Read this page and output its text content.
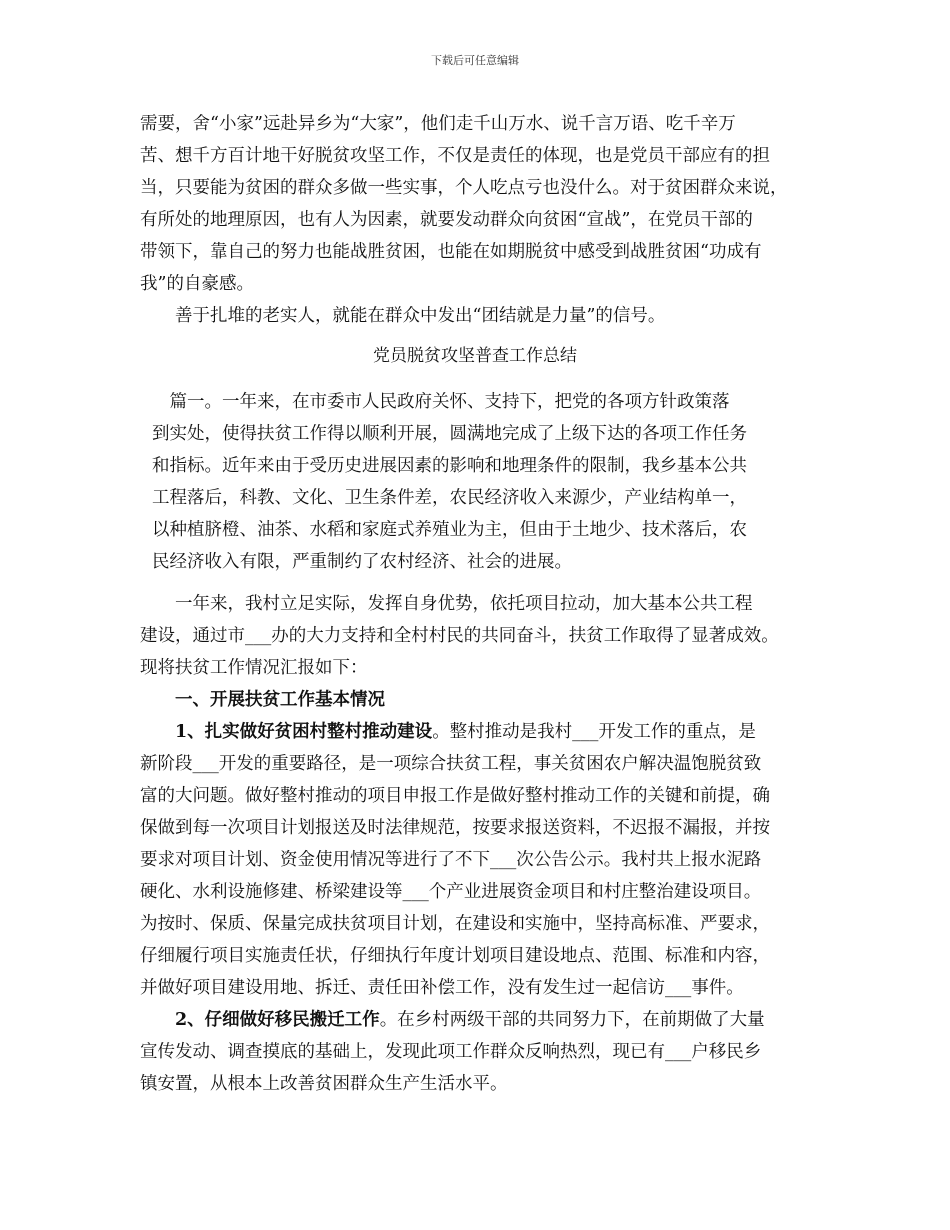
下载后可任意编辑
需要，舍“小家”远赴异乡为“大家”，他们走千山万水、说千言万语、吃千辛万
苦、想千方百计地干好脱贫攻坚工作，不仅是责任的体现，也是党员干部应有的担
当，只要能为贫困的群众多做一些实事，个人吃点亏也没什么。对于贫困群众来说，
有所处的地理原因，也有人为因素，就要发动群众向贫困“宣战”，在党员干部的
带领下，靠自己的努力也能战胜贫困，也能在如期脱贫中感受到战胜贫困“功成有
我”的自豪感。
　　善于扎堆的老实人，就能在群众中发出“团结就是力量”的信号。
党员脱贫攻坚普查工作总结
　篇一。一年来，在市委市人民政府关怀、支持下，把党的各项方针政策落
到实处，使得扶贫工作得以顺利开展，圆满地完成了上级下达的各项工作任务
和指标。近年来由于受历史进展因素的影响和地理条件的限制，我乡基本公共
工程落后，科教、文化、卫生条件差，农民经济收入来源少，产业结构单一，
以种植脐橙、油茶、水稻和家庭式养殖业为主，但由于土地少、技术落后，农
民经济收入有限，严重制约了农村经济、社会的进展。
　　一年来，我村立足实际，发挥自身优势，依托项目拉动，加大基本公共工程
建设，通过市___办的大力支持和全村村民的共同奋斗，扶贫工作取得了显著成效。
现将扶贫工作情况汇报如下：
　　一、开展扶贫工作基本情况
　　1、扎实做好贫困村整村推动建设。整村推动是我村___开发工作的重点，是
新阶段___开发的重要路径，是一项综合扶贫工程，事关贫困农户解决温饱脱贫致
富的大问题。做好整村推动的项目申报工作是做好整村推动工作的关键和前提，确
保做到每一次项目计划报送及时法律规范，按要求报送资料，不迟报不漏报，并按
要求对项目计划、资金使用情况等进行了不下___次公告公示。我村共上报水泥路
硬化、水利设施修建、桥梁建设等___个产业进展资金项目和村庄整治建设项目。
为按时、保质、保量完成扶贫项目计划，在建设和实施中，坚持高标准、严要求，
仔细履行项目实施责任状，仔细执行年度计划项目建设地点、范围、标准和内容，
并做好项目建设用地、拆迁、责任田补偿工作，没有发生过一起信访___事件。
　　2、仔细做好移民搬迁工作。在乡村两级干部的共同努力下，在前期做了大量
宣传发动、调查摸底的基础上，发现此项工作群众反响热烈，现已有___户移民乡
镇安置，从根本上改善贫困群众生产生活水平。
